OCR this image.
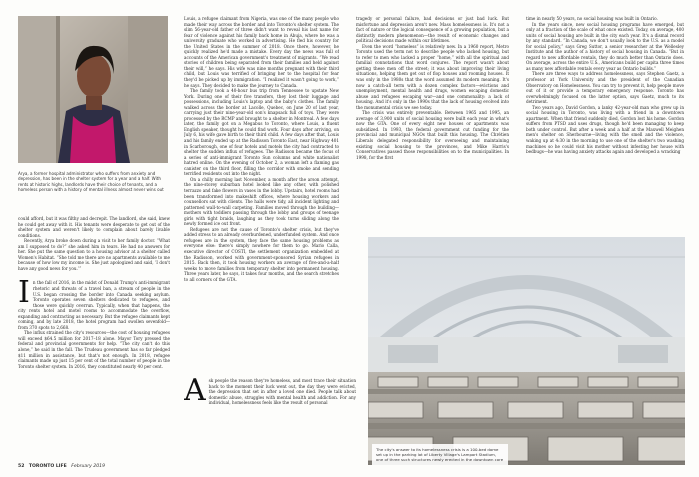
Arya, a former hospital administrator who suffers from anxiety and depression, has been in the shelter system for a year and a half. With rents at historic highs, landlords have their choice of tenants, and a homeless person with a history of mental illness almost never wins out

could afford, but it was filthy and decrepit. The landlord, she said, knew he could get away with it. His tenants were desperate to get out of the shelter system and weren't likely to complain about barely livable conditions.

Recently, Arya broke down during a visit to her family doctor. “What am I supposed to do?” she asked him in tears. He had no answers for her. She put the same question to a housing advisor at a shelter called Women's Habitat. “She told me there are no apartments available to me because of how low my income is. She just apologized and said, ‘I don't have any good news for you.’”

In the fall of 2016, in the midst of Donald Trump's anti-immigrant rhetoric and threats of a travel ban, a stream of people in the U.S. began crossing the border into Canada seeking asylum. Toronto operates seven shelters dedicated to refugees, and those were quickly overrun. Typically, when that happens, the city rents hotel and motel rooms to accommodate the overflow, expanding and contracting as necessary. But the refugee claimants kept coming, and by late 2018, the hotel program had swollen sevenfold—from 370 spots to 2,668.

The influx strained the city's resources—the cost of housing refugees will exceed $64.5 million for 2017–18 alone. Mayor Tory pressed the federal and provincial governments for help. “The city can't do this alone,” he said in the fall. The Trudeau government has so far pledged $11 million in assistance, but that's not enough. In 2018, refugee claimants made up just 15 per cent of the total number of people in the Toronto shelter system. In 2016, they constituted nearly 40 per cent.

Louis, a refugee claimant from Nigeria, was one of the many people who made their way across the border and into Toronto's shelter system. The slim 56-year-old father of three didn't want to reveal his last name for fear of violence against his family back home in Abuja, where he was a university graduate who worked in advertising. He fled his country for the United States in the summer of 2018. Once there, however, he quickly realized he'd made a mistake. Every day the news was full of accounts of the American government's treatment of migrants. “We read stories of children being separated from their families and held against their will,” he says. His wife was nine months pregnant with their third child, but Louis was terrified of bringing her to the hospital for fear they'd be picked up by immigration. “I realized it wasn't going to work,” he says. They decided to make the journey to Canada.

The family took a 40-hour bus trip from Tennessee to upstate New York. During one of their five transfers, they lost their luggage and possessions, including Louis's laptop and the baby's clothes. The family walked across the border at Lacolle, Quebec, on June 20 of last year, carrying just their nine-year-old son's knapsack full of toys. They were processed by the RCMP and brought to a shelter in Montreal. A few days later, the family got on a Megabus to Toronto, where Louis, a fluent English speaker, thought he could find work. Four days after arriving, on July 6, his wife gave birth to their third child. A few days after that, Louis and his family ended up at the Radisson Toronto East, near Highway 401 in Scarborough, one of four hotels and motels the city had contracted to shelter the sudden influx of refugees. The Radisson became the focus of a series of anti-immigrant Toronto Sun columns and white nationalist hatred online. On the evening of October 2, a woman left a flaming gas canister on the third floor, filling the corridor with smoke and sending terrified residents out into the night.

On a chilly morning last November, a month after the arson attempt, the nine-storey suburban hotel looked like any other, with polished terrazzo and fake flowers in vases in the lobby. Upstairs, hotel rooms had been transformed into makeshift offices, where housing workers and counsellors sat with clients. The halls were tidy, all incident lighting and patterned wall-to-wall carpeting. Families moved through the building—mothers with toddlers passing through the lobby and groups of teenage girls with tight braids, laughing as they took turns sliding along the newly formed ice out front.

Refugees are not the cause of Toronto's shelter crisis, but they've added stress to an already overburdened, underfunded system. And once refugees are in the system, they face the same housing problems as everyone else: there's simply nowhere for them to go. Mario Calla, executive director of COSTI, the settlement organization embedded at the Radisson, worked with government-sponsored Syrian refugees in 2015. Back then, it took housing workers an average of five-and-a-half weeks to move families from temporary shelter into permanent housing. Three years later, he says, it takes four months, and the search stretches to all corners of the GTA.

tragedy or personal failure, bad decisions or just bad luck. But misfortune and depression aren't new. Mass homelessness is. It's not a fact of nature or the logical consequence of a growing population, but a distinctly modern phenomenon—the result of economic changes and political decisions made within our lifetimes.

Even the word “homeless” is relatively new. In a 1960 report, Metro Toronto used the term not to describe people who lacked housing, but to refer to men who lacked a proper “home,” with all the spiritual and familial connotations that word conjures. The report wasn't about getting these men off the street; it was about improving their living situations, helping them get out of flop houses and rooming houses. It was only in the 1980s that the word assumed its modern meaning. It's now a catch-all term with a dozen complex factors—evictions and unemployment, mental health and drugs, women escaping domestic abuse and refugees escaping war—and one commonality: a lack of housing. And it's only in the 1990s that the lack of housing evolved into the monumental crisis we see today.

The crisis was entirely preventable. Between 1965 and 1995, an average of 3,900 units of social housing were built each year in what's now the GTA. One of every eight new houses or apartments was subsidized. In 1993, the federal government cut funding for the provincial and municipal NGOs that built this housing. The Chrétien Liberals delegated responsibility for overseeing and maintaining existing social housing to the provinces, and Mike Harris's Conservatives passed those responsibilities on to the municipalities. In 1998, for the first

time in nearly 50 years, no social housing was built in Ontario.

In the years since, new social housing programs have emerged, but only at a fraction of the scale of what once existed. Today, on average, 400 units of social housing are built in the city each year. It's a dismal record by any standard. “In Canada, we don't usually look to the U.S. as a model for social policy,” says Greg Suttor, a senior researcher at the Wellesley Institute and the author of a history of social housing in Canada. “But in regard to new affordable rentals, they do much better than Ontario does. On average, across the entire U.S., Americans build per capita three times as many new affordable rentals every year as Ontario builds.”

There are three ways to address homelessness, says Stephen Gaetz, a professor at York University and the president of the Canadian Observatory on Homelessness. You can try to prevent it, help people move out of it or provide a temporary emergency response. Toronto has overwhelmingly focused on the latter option, says Gaetz, much to its detriment.

Two years ago, David Gordon, a lanky 42-year-old man who grew up in social housing in Toronto, was living with a friend in a downtown apartment. When that friend suddenly died, Gordon lost his home. Gordon suffers from PTSD and uses drugs, though he'd been managing to keep both under control. But after a week and a half at the Maxwell Meighen men's shelter on Sherbourne—living with the smell and the violence, waking up at 4:30 in the morning to use one of the shelter's two washing machines so he could visit his mother without infesting her house with bedbugs—he was having anxiety attacks again and developed a wracking

The city's answer to its homelessness crisis is a 100-bed dome set up in the parking lot of Liberty Village's Lamport Stadium, one of three such structures newly erected in the downtown core
52 TORONTO LIFE February 2019

Ask people the reason they're homeless, and most trace their situation back to the moment their luck went out, the day they were evicted, the depression that set in after a loved one died. People talk about domestic abuse, struggles with mental health and addiction. For any individual, homelessness feels like the result of personal
